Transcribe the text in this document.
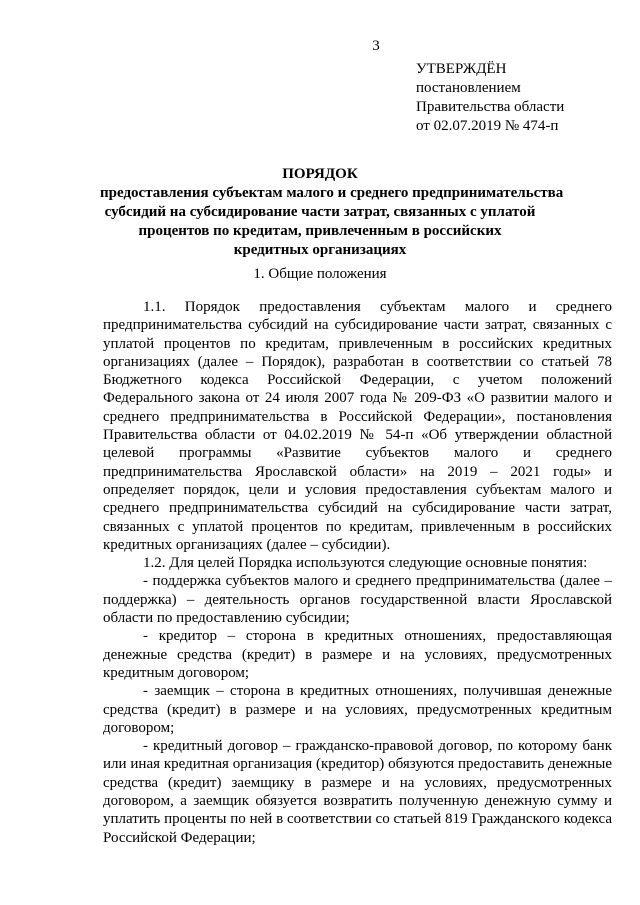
3
УТВЕРЖДЁН
постановлением
Правительства области
от 02.07.2019 № 474-п
ПОРЯДОК
предоставления субъектам малого и среднего предпринимательства
субсидий на субсидирование части затрат, связанных с уплатой
процентов по кредитам, привлеченным в российских
кредитных организациях
1. Общие положения

1.1. Порядок предоставления субъектам малого и среднего предпринимательства субсидий на субсидирование части затрат, связанных с уплатой процентов по кредитам, привлеченным в российских кредитных организациях (далее – Порядок), разработан в соответствии со статьей 78 Бюджетного кодекса Российской Федерации, с учетом положений Федерального закона от 24 июля 2007 года № 209-ФЗ «О развитии малого и среднего предпринимательства в Российской Федерации», постановления Правительства области от 04.02.2019 № 54-п «Об утверждении областной целевой программы «Развитие субъектов малого и среднего предпринимательства Ярославской области» на 2019 – 2021 годы» и определяет порядок, цели и условия предоставления субъектам малого и среднего предпринимательства субсидий на субсидирование части затрат, связанных с уплатой процентов по кредитам, привлеченным в российских кредитных организациях (далее – субсидии).

1.2. Для целей Порядка используются следующие основные понятия:

- поддержка субъектов малого и среднего предпринимательства (далее – поддержка) – деятельность органов государственной власти Ярославской области по предоставлению субсидии;

- кредитор – сторона в кредитных отношениях, предоставляющая денежные средства (кредит) в размере и на условиях, предусмотренных кредитным договором;

- заемщик – сторона в кредитных отношениях, получившая денежные средства (кредит) в размере и на условиях, предусмотренных кредитным договором;

- кредитный договор – гражданско-правовой договор, по которому банк или иная кредитная организация (кредитор) обязуются предоставить денежные средства (кредит) заемщику в размере и на условиях, предусмотренных договором, а заемщик обязуется возвратить полученную денежную сумму и уплатить проценты по ней в соответствии со статьей 819 Гражданского кодекса Российской Федерации;
